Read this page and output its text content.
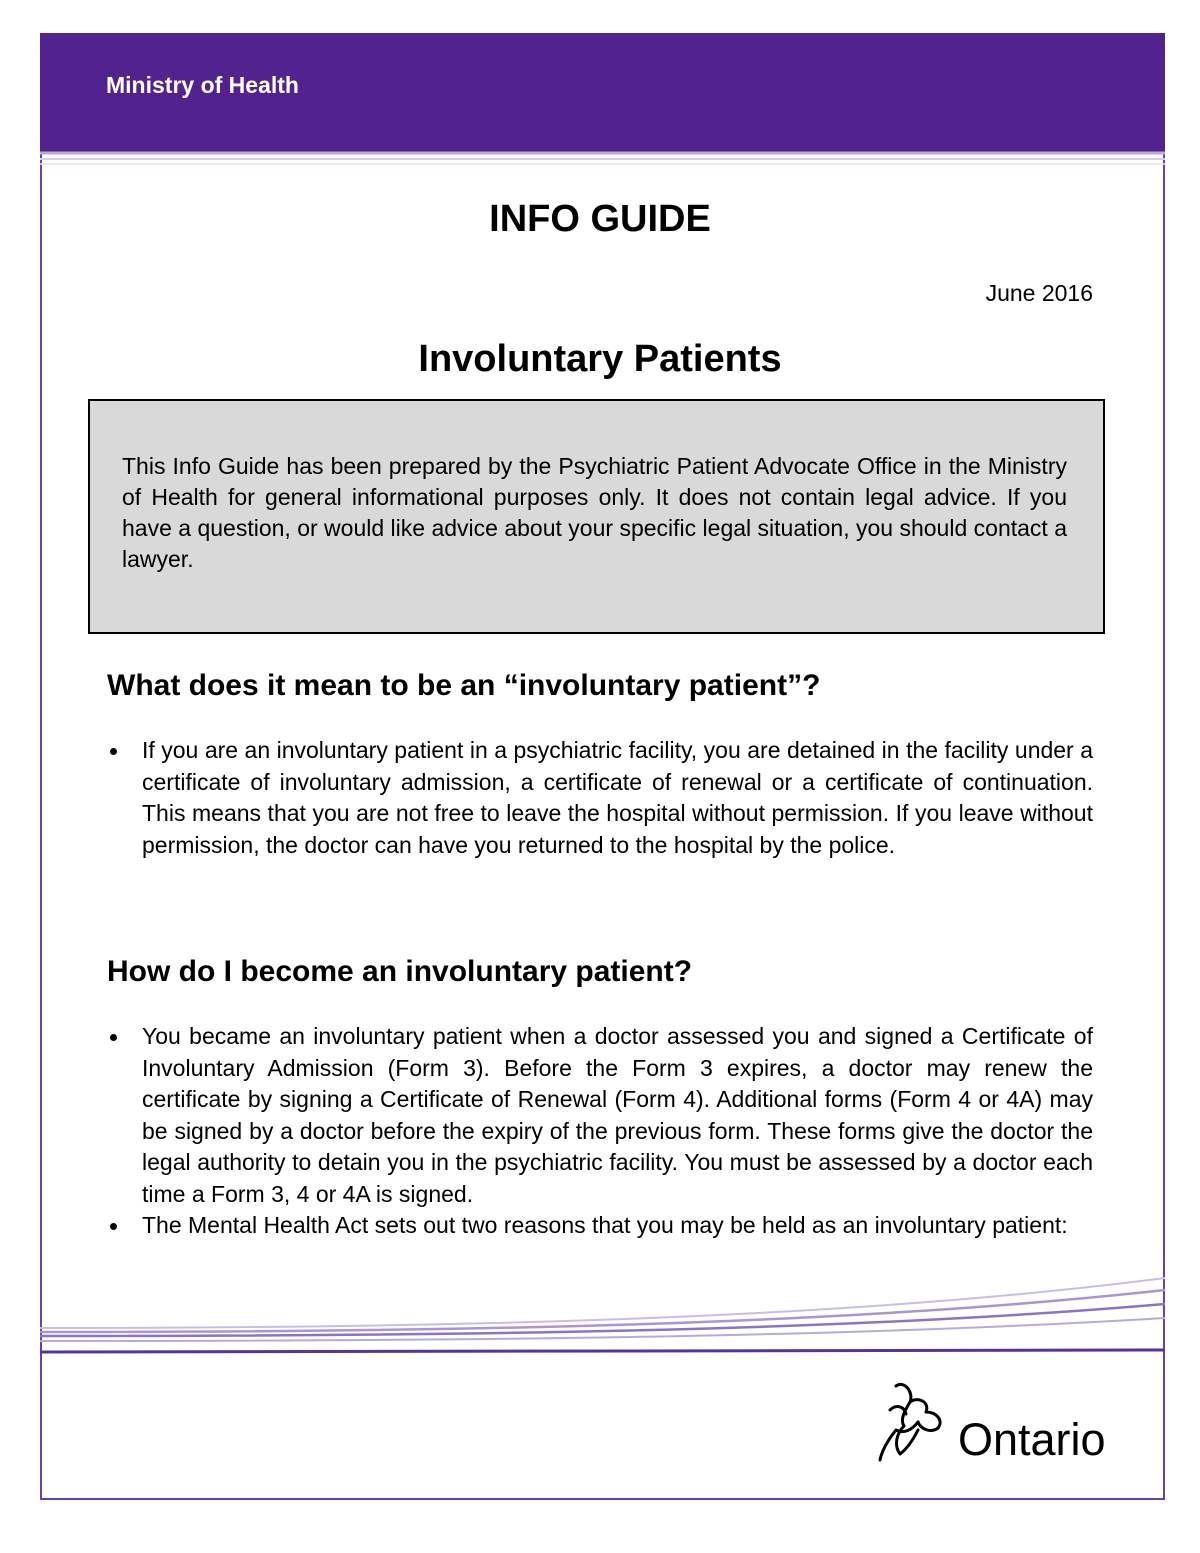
Ministry of Health
INFO GUIDE
June 2016
Involuntary Patients

This Info Guide has been prepared by the Psychiatric Patient Advocate Office in the Ministry of Health for general informational purposes only. It does not contain legal advice. If you have a question, or would like advice about your specific legal situation, you should contact a lawyer.

What does it mean to be an “involuntary patient”?
If you are an involuntary patient in a psychiatric facility, you are detained in the facility under a certificate of involuntary admission, a certificate of renewal or a certificate of continuation. This means that you are not free to leave the hospital without permission. If you leave without permission, the doctor can have you returned to the hospital by the police.
How do I become an involuntary patient?
You became an involuntary patient when a doctor assessed you and signed a Certificate of Involuntary Admission (Form 3). Before the Form 3 expires, a doctor may renew the certificate by signing a Certificate of Renewal (Form 4). Additional forms (Form 4 or 4A) may be signed by a doctor before the expiry of the previous form. These forms give the doctor the legal authority to detain you in the psychiatric facility. You must be assessed by a doctor each time a Form 3, 4 or 4A is signed.
The Mental Health Act sets out two reasons that you may be held as an involuntary patient:
Ontario
